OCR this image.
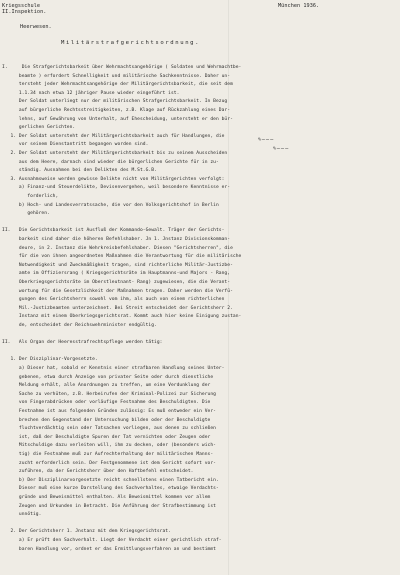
Kriegsschule	München 1936.
II.Inspektion.
Heerwesen.
Militärstrafgerichtsordnung.
I.     Die Strafgerichtsbarkeit über Wehrmachtsangehörige ( Soldaten und Wehrmachtbe-
beamte ) erfordert Schnelligkeit und militärische Sachkenntnisse. Daher un-
tersteht jeder Wehrmachtsangehörige der Militärgerichtsbarkeit, die seit dem
1.1.34 nach etwa 12 jähriger Pause wieder eingeführt ist.
Der Soldat unterliegt nur der militärischen Strafgerichtsbarkeit. In Bezug
auf bürgerliche Rechtsstreitigkeiten, z.B. Klage auf Rückzahlung eines Dar-
lehns, auf Gewährung von Unterhalt, auf Ehescheidung, untersteht er den bür-
gerlichen Gerichten.
1. Der Soldat untersteht der Militärgerichtsbarkeit auch für Handlungen, die
vor seinem Dienstantritt begangen worden sind.
2. Der Soldat untersteht der Militärgerichtsbarkeit bis zu seinem Ausscheiden
aus dem Heere, darnach sind wieder die bürgerlichen Gerichte für in zu-
ständig. Ausnahmen bei den Delikten des M.St.G.B.
3. Ausnahmsweise werden gewisse Delikte nicht von Militärgerichten verfolgt:
a) Finanz-und Steuerdelikte, Devisenvergehen, weil besondere Kenntnisse er-
forderlich,
b) Hoch- und Landesverratssache, die vor den Volksgerichtshof in Berlin
gehören.
II.   Die Gerichtsbarkeit ist Ausfluß der Kommando-Gewalt. Träger der Gerichts-
barkeit sind daher die höheren Befehlshaber. Jn 1. Jnstanz Divisionskomman-
deure, in 2. Instanz die Wehrkreisbefehlshaber. Diesen "Gerichtsherren", die
für die von ihnen angeordneten Maßnahmen die Verantwortung für die militärische
Notwendigkeit und Zweckmäßigkeit tragen, sind richterliche Militär-Justizbe-
amte im Offiziersrang ( Kriegsgerichtsräte im Hauptmanns-und Majors - Rang,
Oberkriegsgerichtsräte im Oberstleutnant- Rang) zugewiesen, die die Verant-
wortung für die Gesetzlichkeit der Maßnahmen tragen. Daher werden die Verfü-
gungen des Gerichtsherrn sowohl vom ihm, als auch von einem richterlichen
Mil.-Justizbeamten unterzeichnet. Bei Streit entscheidet der Gerichtsherr 2.
Instanz mit einem Oberkriegsgerichtsrat. Kommt auch hier keine Einigung zustan-
de, entscheidet der Reichswehrminister endgültig.
II.   Als Organ der Heeresstrafrechtspflege werden tätig:
1. Der Disziplinar-Vorgesetzte.
a) Dieser hat, sobald er Kenntnis einer strafbaren Handlung seines Unter-
gebenen, etwa durch Anzeige von privater Seite oder durch dienstliche
Meldung erhält, alle Anordnungen zu treffen, um eine Verdunklung der
Sache zu verhüten, z.B. Herbeirufen der Kriminal-Polizei zur Sicherung
von Fingerabdrücken oder vorläufige Festnahme des Beschuldigten. Die
Festnahme ist aus folgenden Gründen zulässig: Es muß entweder ein Ver-
brechen den Gegenstand der Untersuchung bilden oder der Beschuldigte
fluchtverdächtig sein oder Tatsachen vorliegen, aus denen zu schließen
ist, daß der Beschuldigte Spuren der Tat vernichten oder Zeugen oder
Mitschuldige dazu verleiten will, ihm zu decken, oder (besonders wich-
tig) die Festnahme muß zur Aufrechterhaltung der militärischen Manns-
zucht erforderlich sein. Der Festgenommene ist dem Gericht sofort vor-
zuführen, da der Gerichtsherr über den Haftbefehl entscheidet.
b) Der Disziplinarvorgesetzte reicht schnellstens einen Tatbericht ein.
Dieser muß eine kurze Darstellung des Sachverhaltes, etwaige Verdachts-
gründe und Beweismittel enthalten. Als Beweismittel kommen vor allem
Zeugen und Urkunden in Betracht. Die Anführung der Strafbestimmung ist
unnötig.
2. Der Gerichtsherr 1. Jnstanz mit dem Kriegsgerichtsrat.
a) Er prüft den Sachverhalt. Liegt der Verdacht einer gerichtlich straf-
baren Handlung vor, ordnet er das Ermittlungsverfahren an und bestimmt
✎~~~
✎~~~
